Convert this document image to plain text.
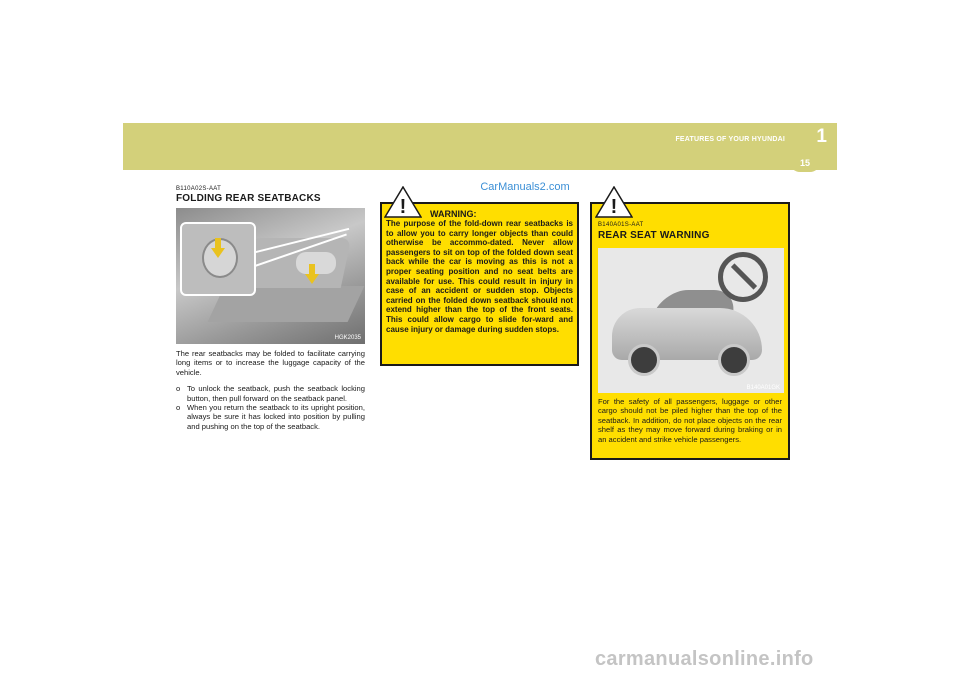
FEATURES OF YOUR HYUNDAI 1
15
CarManuals2.com
B110A02S-AAT
FOLDING REAR SEATBACKS
HGK2035
The rear seatbacks may be folded to facilitate carrying long items or to increase the luggage capacity of the vehicle.
o To unlock the seatback, push the seatback locking button, then pull forward on the seatback panel.
o When you return the seatback to its upright position, always be sure it has locked into position by pulling and pushing on the top of the seatback.
WARNING:
The purpose of the fold-down rear seatbacks is to allow you to carry longer objects than could otherwise be accommo-dated. Never allow passengers to sit on top of the folded down seat back while the car is moving as this is not a proper seating position and no seat belts are available for use. This could result in injury in case of an accident or sudden stop. Objects carried on the folded down seatback should not extend higher than the top of the front seats. This could allow cargo to slide for-ward and cause injury or damage during sudden stops.
!
B140A01S-AAT
REAR SEAT WARNING
B140A01GK
For the safety of all passengers, luggage or other cargo should not be piled higher than the top of the seatback. In addition, do not place objects on the rear shelf as they may move forward during braking or in an accident and strike vehicle passengers.
!
carmanualsonline.info
